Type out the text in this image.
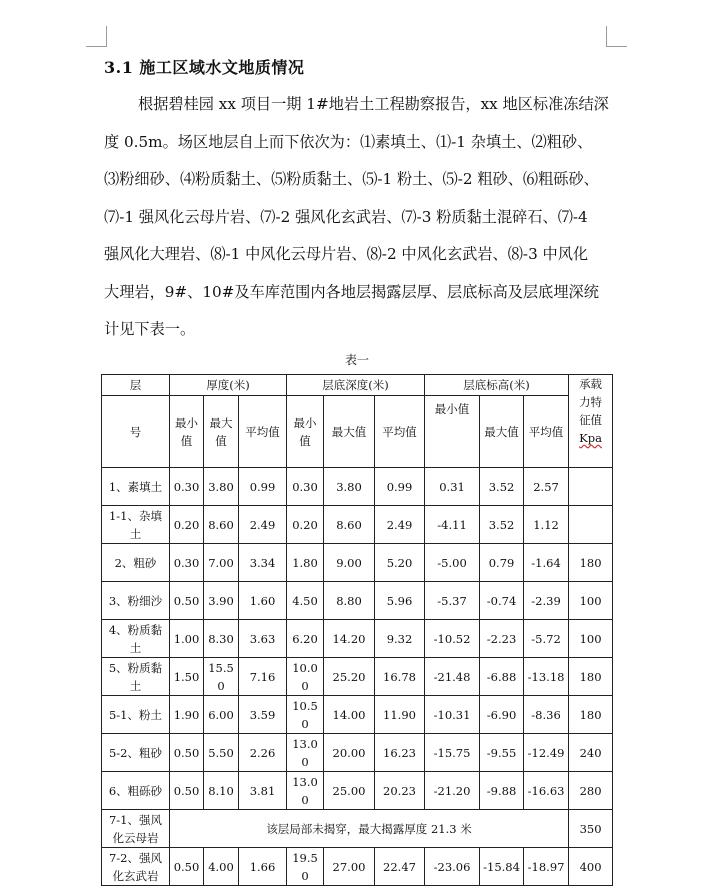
3.1 施工区域水文地质情况
根据碧桂园 xx 项目一期 1#地岩土工程勘察报告，xx 地区标准冻结深
度 0.5m。场区地层自上而下依次为：⑴素填土、⑴-1 杂填土、⑵粗砂、
⑶粉细砂、⑷粉质黏土、⑸粉质黏土、⑸-1 粉土、⑸-2 粗砂、⑹粗砾砂、
⑺-1 强风化云母片岩、⑺-2 强风化玄武岩、⑺-3 粉质黏土混碎石、⑺-4
强风化大理岩、⑻-1 中风化云母片岩、⑻-2 中风化玄武岩、⑻-3 中风化
大理岩，9#、10#及车库范围内各地层揭露层厚、层底标高及层底埋深统
计见下表一。
表一
层	厚度(米)			层底深度(米)			层底标高(米)			承载
力特
征值
Kpa

号	最小值	最大值	平均值	最小值	最大值	平均值	最小值	最大值	平均值	
1、素填土	0.30	3.80	0.99	0.30	3.80	0.99	0.31	3.52	2.57	
1-1、杂填土	0.20	8.60	2.49	0.20	8.60	2.49	-4.11	3.52	1.12	
2、粗砂	0.30	7.00	3.34	1.80	9.00	5.20	-5.00	0.79	-1.64	180
3、粉细沙	0.50	3.90	1.60	4.50	8.80	5.96	-5.37	-0.74	-2.39	100
4、粉质黏土	1.00	8.30	3.63	6.20	14.20	9.32	-10.52	-2.23	-5.72	100
5、粉质黏土	1.50	15.50	7.16	10.00	25.20	16.78	-21.48	-6.88	-13.18	180
5-1、粉土	1.90	6.00	3.59	10.50	14.00	11.90	-10.31	-6.90	-8.36	180
5-2、粗砂	0.50	5.50	2.26	13.00	20.00	16.23	-15.75	-9.55	-12.49	240
6、粗砾砂	0.50	8.10	3.81	13.00	25.00	20.23	-21.20	-9.88	-16.63	280
7-1、强风化云母岩	该层局部未揭穿，最大揭露厚度 21.3 米									350
7-2、强风化玄武岩	0.50	4.00	1.66	19.50	27.00	22.47	-23.06	-15.84	-18.97	400
